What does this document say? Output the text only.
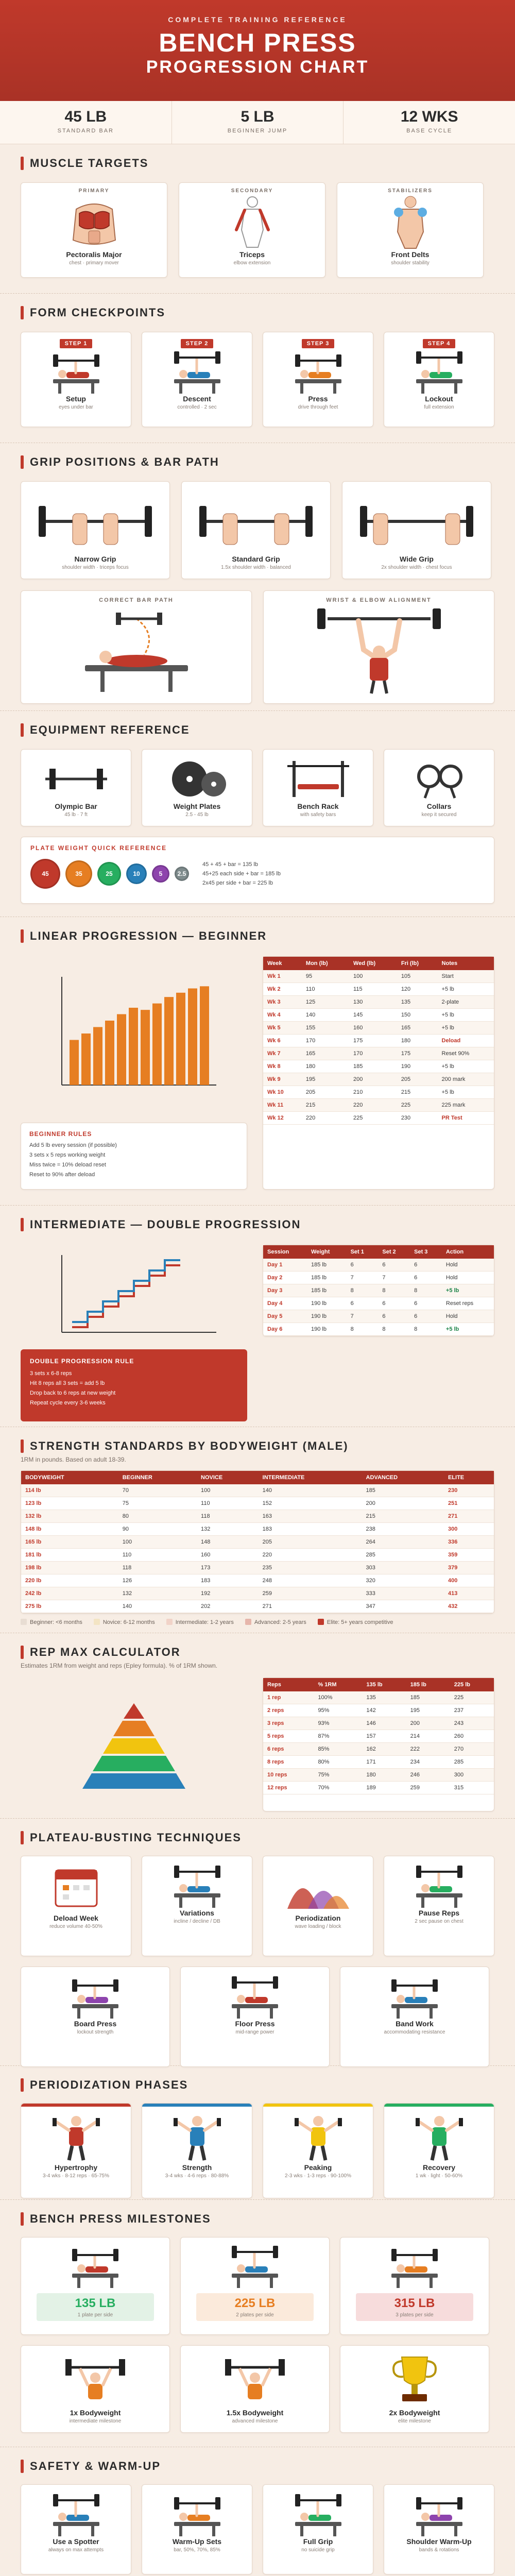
COMPLETE TRAINING REFERENCE
BENCH PRESS
PROGRESSION CHART
45 LB
STANDARD BAR
5 LB
BEGINNER JUMP
12 WKS
BASE CYCLE
MUSCLE TARGETS
PRIMARY
Pectoralis Major
chest · primary mover
SECONDARY
Triceps
elbow extension
STABILIZERS
Front Delts
shoulder stability
FORM CHECKPOINTS
STEP 1
Setup
eyes under bar
STEP 2
Descent
controlled · 2 sec
STEP 3
Press
drive through feet
STEP 4
Lockout
full extension
GRIP POSITIONS & BAR PATH
Narrow Grip
shoulder width · triceps focus
Standard Grip
1.5x shoulder width · balanced
Wide Grip
2x shoulder width · chest focus
CORRECT BAR PATH	WRIST & ELBOW ALIGNMENT
EQUIPMENT REFERENCE
Olympic Bar
45 lb · 7 ft
Weight Plates
2.5 - 45 lb
Bench Rack
with safety bars
Collars
keep it secured
PLATE WEIGHT QUICK REFERENCE
45	35	25	10	5 2.5
45 + 45 + bar = 135 lb
45+25 each side + bar = 185 lb
2x45 per side + bar = 225 lb
LINEAR PROGRESSION — BEGINNER
BEGINNER RULES
Add 5 lb every session (if possible)
3 sets x 5 reps working weight
Miss twice = 10% deload reset
Reset to 90% after deload
Week	Mon (lb)	Wed (lb)	Fri (lb)	Notes
Wk 1	95	100	105	Start
Wk 2	110	115	120	+5 lb
Wk 3	125	130	135	2-plate
Wk 4	140	145	150	+5 lb
Wk 5	155	160	165	+5 lb
Wk 6	170	175	180	Deload
Wk 7	165	170	175	Reset 90%
Wk 8	180	185	190	+5 lb
Wk 9	195	200	205	200 mark
Wk 10	205	210	215	+5 lb
Wk 11	215	220	225	225 mark
Wk 12	220	225	230	PR Test
INTERMEDIATE — DOUBLE PROGRESSION
DOUBLE PROGRESSION RULE
3 sets x 6-8 reps
Hit 8 reps all 3 sets = add 5 lb
Drop back to 6 reps at new weight
Repeat cycle every 3-6 weeks
Session	Weight	Set 1	Set 2	Set 3	Action
Day 1	185 lb	6	6	6	Hold
Day 2	185 lb	7	7	6	Hold
Day 3	185 lb	8	8	8	+5 lb
Day 4	190 lb	6	6	6	Reset reps
Day 5	190 lb	7	6	6	Hold
Day 6	190 lb	8	8	8	+5 lb
STRENGTH STANDARDS BY BODYWEIGHT (MALE)
1RM in pounds. Based on adult 18-39.
BODYWEIGHT	BEGINNER	NOVICE	INTERMEDIATE	ADVANCED	ELITE
114 lb	70	100	140	185	230
123 lb	75	110	152	200	251
132 lb	80	118	163	215	271
148 lb	90	132	183	238	300
165 lb	100	148	205	264	336
181 lb	110	160	220	285	359
198 lb	118	173	235	303	379
220 lb	126	183	248	320	400
242 lb	132	192	259	333	413
275 lb	140	202	271	347	432
Beginner: <6 months	Novice: 6-12 months	Intermediate: 1-2 years	Advanced: 2-5 years	Elite: 5+ years competitive
REP MAX CALCULATOR
Estimates 1RM from weight and reps (Epley formula). % of 1RM shown.
Reps	% 1RM	135 lb	185 lb	225 lb
1 rep	100%	135	185	225
2 reps	95%	142	195	237
3 reps	93%	146	200	243
5 reps	87%	157	214	260
6 reps	85%	162	222	270
8 reps	80%	171	234	285
10 reps	75%	180	246	300
12 reps	70%	189	259	315
PLATEAU-BUSTING TECHNIQUES
Deload Week
reduce volume 40-50%
Variations
incline / decline / DB	Periodization
wave loading / block
Pause Reps
2 sec pause on chest
Board Press
lockout strength
Floor Press
mid-range power
Band Work
accommodating resistance
PERIODIZATION PHASES
Hypertrophy
3-4 wks · 8-12 reps · 65-75%
Strength
3-4 wks · 4-6 reps · 80-88%
Peaking
2-3 wks · 1-3 reps · 90-100%
Recovery
1 wk · light · 50-60%
BENCH PRESS MILESTONES
135 LB
1 plate per side
225 LB
2 plates per side
315 LB
3 plates per side
1x Bodyweight
intermediate milestone
1.5x Bodyweight
advanced milestone
2x Bodyweight
elite milestone
SAFETY & WARM-UP
Use a Spotter
always on max attempts
Warm-Up Sets
bar, 50%, 70%, 85%
Full Grip
no suicide grip
Shoulder Warm-Up
bands & rotations
